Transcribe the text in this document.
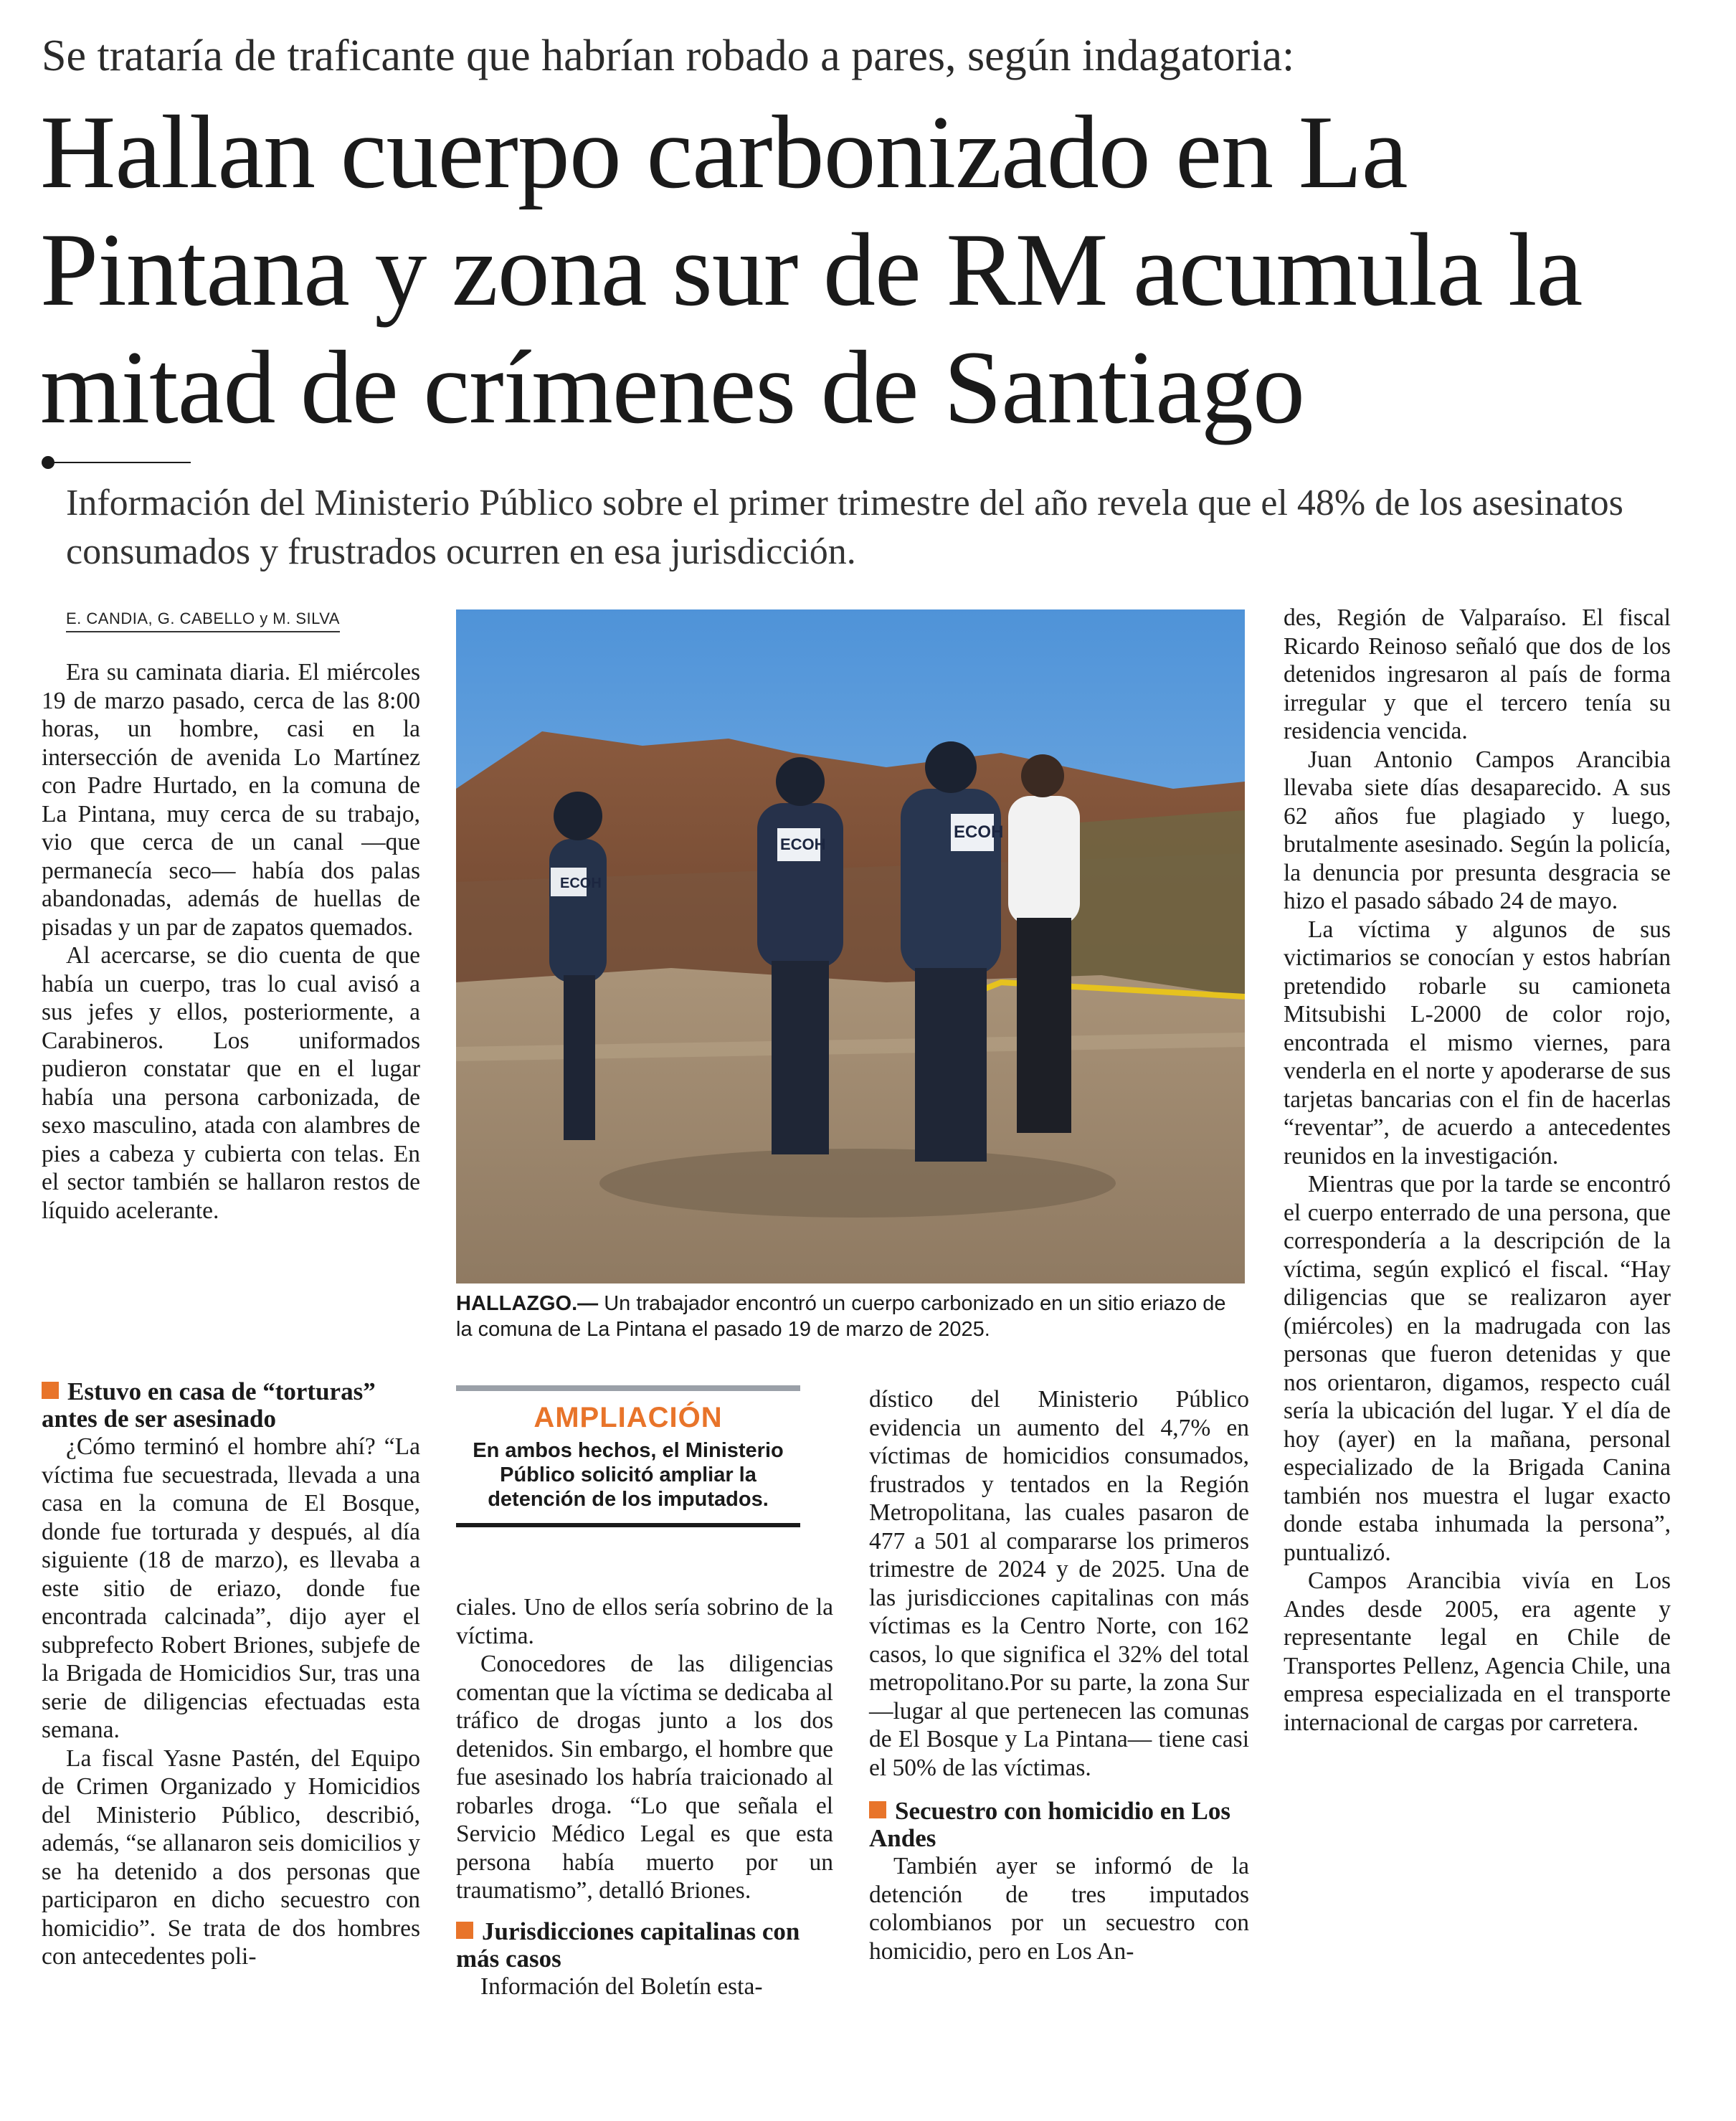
Se trataría de traficante que habrían robado a pares, según indagatoria:
Hallan cuerpo carbonizado en La Pintana y zona sur de RM acumula la mitad de crímenes de Santiago
Información del Ministerio Público sobre el primer trimestre del año revela que el 48% de los asesinatos consumados y frustrados ocurren en esa jurisdicción.
E. CANDIA, G. CABELLO y M. SILVA

Era su caminata diaria. El miércoles 19 de marzo pasado, cerca de las 8:00 horas, un hombre, casi en la intersección de avenida Lo Martínez con Padre Hurtado, en la comuna de La Pintana, muy cerca de su trabajo, vio que cerca de un canal —que permanecía seco— había dos palas abandonadas, además de huellas de pisadas y un par de zapatos quemados.

Al acercarse, se dio cuenta de que había un cuerpo, tras lo cual avisó a sus jefes y ellos, posteriormente, a Carabineros. Los uniformados pudieron constatar que en el lugar había una persona carbonizada, de sexo masculino, atada con alambres de pies a cabeza y cubierta con telas. En el sector también se hallaron restos de líquido acelerante.

Estuvo en casa de “torturas” antes de ser asesinado

¿Cómo terminó el hombre ahí? “La víctima fue secuestrada, llevada a una casa en la comuna de El Bosque, donde fue torturada y después, al día siguiente (18 de marzo), es llevaba a este sitio de eriazo, donde fue encontrada calcinada”, dijo ayer el subprefecto Robert Briones, subjefe de la Brigada de Homicidios Sur, tras una serie de diligencias efectuadas esta semana.

La fiscal Yasne Pastén, del Equipo de Crimen Organizado y Homicidios del Ministerio Público, describió, además, “se allanaron seis domicilios y se ha detenido a dos personas que participaron en dicho secuestro con homicidio”. Se trata de dos hombres con antecedentes poli-

ECOH
ECOH
ECOH
HALLAZGO.— Un trabajador encontró un cuerpo carbonizado en un sitio eriazo de la comuna de La Pintana el pasado 19 de marzo de 2025.
AMPLIACIÓN
En ambos hechos, el Ministerio Público solicitó ampliar la detención de los imputados.

ciales. Uno de ellos sería sobrino de la víctima.

Conocedores de las diligencias comentan que la víctima se dedicaba al tráfico de drogas junto a los dos detenidos. Sin embargo, el hombre que fue asesinado los habría traicionado al robarles droga. “Lo que señala el Servicio Médico Legal es que esta persona había muerto por un traumatismo”, detalló Briones.

Jurisdicciones capitalinas con más casos

Información del Boletín esta-

dístico del Ministerio Público evidencia un aumento del 4,7% en víctimas de homicidios consumados, frustrados y tentados en la Región Metropolitana, las cuales pasaron de 477 a 501 al compararse los primeros trimestre de 2024 y de 2025. Una de las jurisdicciones capitalinas con más víctimas es la Centro Norte, con 162 casos, lo que significa el 32% del total metropolitano.Por su parte, la zona Sur —lugar al que pertenecen las comunas de El Bosque y La Pintana— tiene casi el 50% de las víctimas.

Secuestro con homicidio en Los Andes

También ayer se informó de la detención de tres imputados colombianos por un secuestro con homicidio, pero en Los An-

des, Región de Valparaíso. El fiscal Ricardo Reinoso señaló que dos de los detenidos ingresaron al país de forma irregular y que el tercero tenía su residencia vencida.

Juan Antonio Campos Arancibia llevaba siete días desaparecido. A sus 62 años fue plagiado y luego, brutalmente asesinado. Según la policía, la denuncia por presunta desgracia se hizo el pasado sábado 24 de mayo.

La víctima y algunos de sus victimarios se conocían y estos habrían pretendido robarle su camioneta Mitsubishi L-2000 de color rojo, encontrada el mismo viernes, para venderla en el norte y apoderarse de sus tarjetas bancarias con el fin de hacerlas “reventar”, de acuerdo a antecedentes reunidos en la investigación.

Mientras que por la tarde se encontró el cuerpo enterrado de una persona, que correspondería a la descripción de la víctima, según explicó el fiscal. “Hay diligencias que se realizaron ayer (miércoles) en la madrugada con las personas que fueron detenidas y que nos orientaron, digamos, respecto cuál sería la ubicación del lugar. Y el día de hoy (ayer) en la mañana, personal especializado de la Brigada Canina también nos muestra el lugar exacto donde estaba inhumada la persona”, puntualizó.

Campos Arancibia vivía en Los Andes desde 2005, era agente y representante legal en Chile de Transportes Pellenz, Agencia Chile, una empresa especializada en el transporte internacional de cargas por carretera.
